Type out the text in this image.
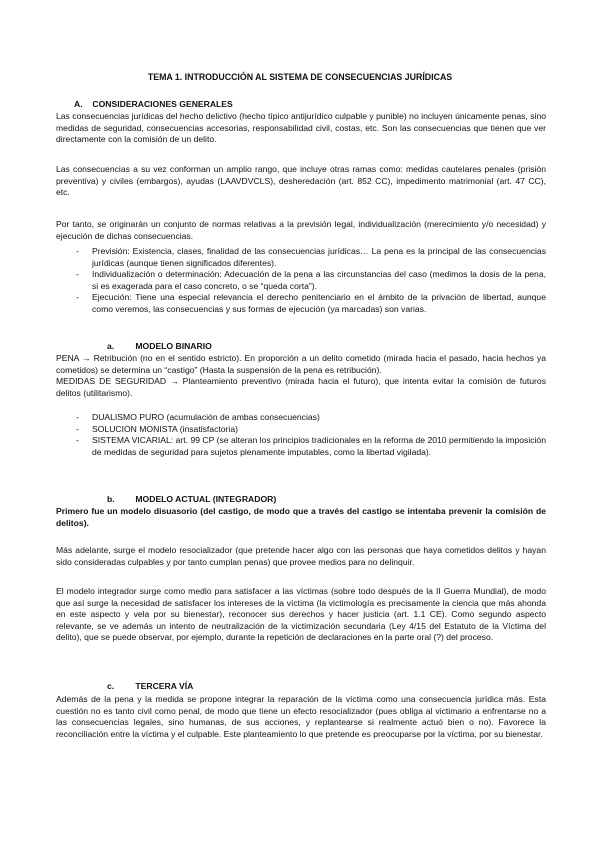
TEMA 1. INTRODUCCIÓN AL SISTEMA DE CONSECUENCIAS JURÍDICAS
A. CONSIDERACIONES GENERALES

Las consecuencias jurídicas del hecho delictivo (hecho típico antijurídico culpable y punible) no incluyen únicamente penas, sino medidas de seguridad, consecuencias accesorias, responsabilidad civil, costas, etc. Son las consecuencias que tienen que ver directamente con la comisión de un delito.

Las consecuencias a su vez conforman un amplio rango, que incluye otras ramas como: medidas cautelares penales (prisión preventiva) y civiles (embargos), ayudas (LAAVDVCLS), desheredación (art. 852 CC), impedimento matrimonial (art. 47 CC), etc.

Por tanto, se originarán un conjunto de normas relativas a la previsión legal, individualización (merecimiento y/o necesidad) y ejecución de dichas consecuencias.

- Previsión: Existencia, clases, finalidad de las consecuencias jurídicas… La pena es la principal de las consecuencias jurídicas (aunque tienen significados diferentes).
- Individualización o determinación: Adecuación de la pena a las circunstancias del caso (medimos la dosis de la pena, si es exagerada para el caso concreto, o se “queda corta”).
- Ejecución: Tiene una especial relevancia el derecho penitenciario en el ámbito de la privación de libertad, aunque como veremos, las consecuencias y sus formas de ejecución (ya marcadas) son varias.
a. MODELO BINARIO

PENA → Retribución (no en el sentido estricto). En proporción a un delito cometido (mirada hacia el pasado, hacia hechos ya cometidos) se determina un “castigo” (Hasta la suspensión de la pena es retribución).

MEDIDAS DE SEGURIDAD → Planteamiento preventivo (mirada hacia el futuro), que intenta evitar la comisión de futuros delitos (utilitarismo).

- DUALISMO PURO (acumulación de ambas consecuencias)
- SOLUCION MONISTA (insatisfactoria)
- SISTEMA VICARIAL: art. 99 CP (se alteran los principios tradicionales en la reforma de 2010 permitiendo la imposición de medidas de seguridad para sujetos plenamente imputables, como la libertad vigilada).
b. MODELO ACTUAL (INTEGRADOR)

Primero fue un modelo disuasorio (del castigo, de modo que a través del castigo se intentaba prevenir la comisión de delitos).

Más adelante, surge el modelo resocializador (que pretende hacer algo con las personas que haya cometidos delitos y hayan sido consideradas culpables y por tanto cumplan penas) que provee medios para no delinquir.

El modelo integrador surge como medio para satisfacer a las víctimas (sobre todo después de la II Guerra Mundial), de modo que así surge la necesidad de satisfacer los intereses de la víctima (la victimología es precisamente la ciencia que más ahonda en este aspecto y vela por su bienestar), reconocer sus derechos y hacer justicia (art. 1.1 CE). Como segundo aspecto relevante, se ve además un intento de neutralización de la victimización secundaria (Ley 4/15 del Estatuto de la Víctima del delito), que se puede observar, por ejemplo, durante la repetición de declaraciones en la parte oral (?) del proceso.

c. TERCERA VÍA

Además de la pena y la medida se propone integrar la reparación de la víctima como una consecuencia jurídica más. Esta cuestión no es tanto civil como penal, de modo que tiene un efecto resocializador (pues obliga al victimario a enfrentarse no a las consecuencias legales, sino humanas, de sus acciones, y replantearse si realmente actuó bien o no). Favorece la reconciliación entre la víctima y el culpable. Este planteamiento lo que pretende es preocuparse por la víctima, por su bienestar.
